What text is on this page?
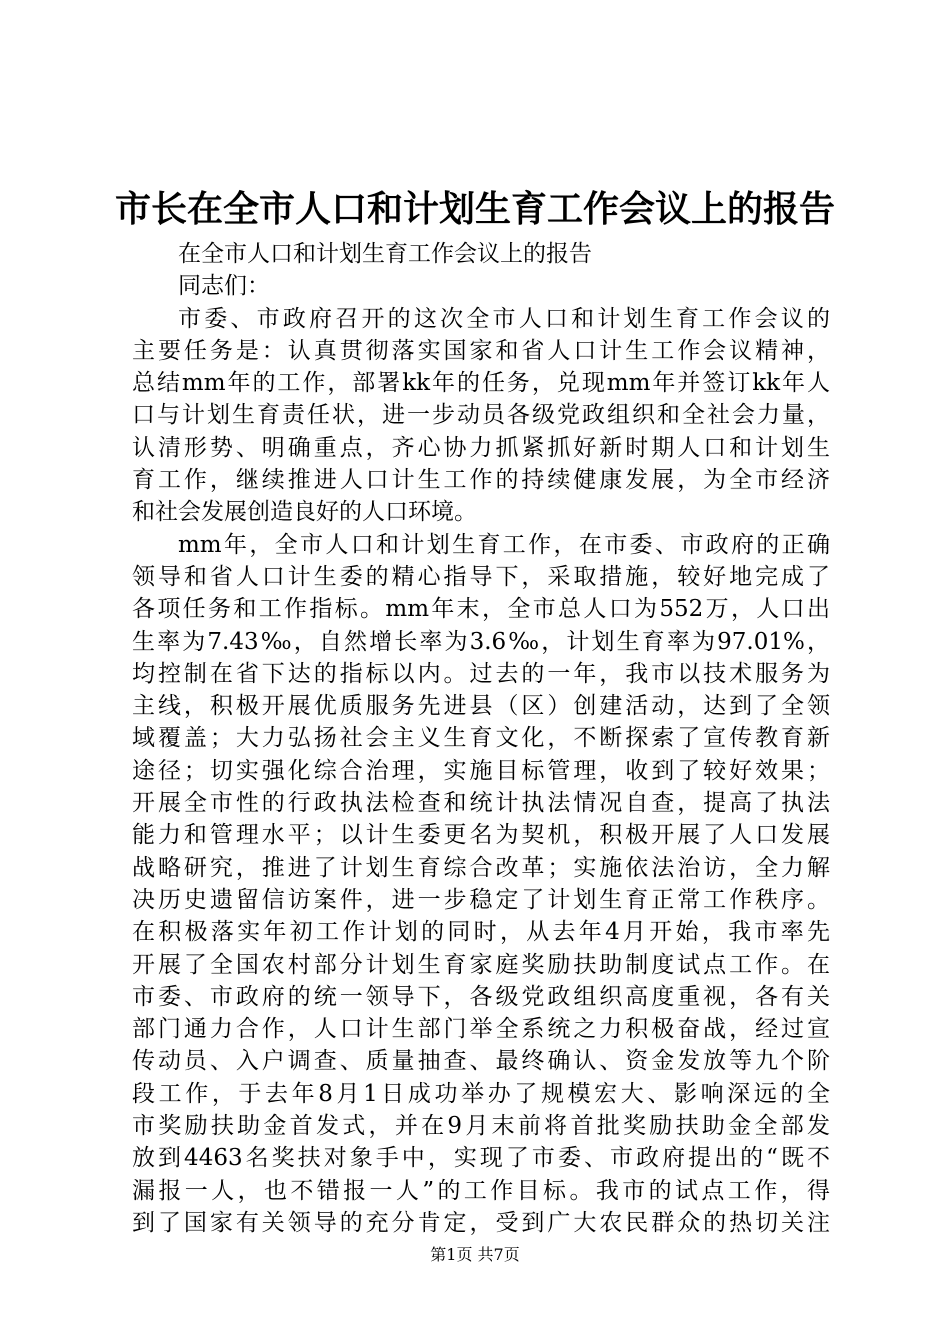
市长在全市人口和计划生育工作会议上的报告

在全市人口和计划生育工作会议上的报告

同志们：

市委、市政府召开的这次全市人口和计划生育工作会议的
主要任务是：认真贯彻落实国家和省人口计生工作会议精神，
总结mm年的工作，部署kk年的任务，兑现mm年并签订kk年人
口与计划生育责任状，进一步动员各级党政组织和全社会力量，
认清形势、明确重点，齐心协力抓紧抓好新时期人口和计划生
育工作，继续推进人口计生工作的持续健康发展，为全市经济
和社会发展创造良好的人口环境。
mm年，全市人口和计划生育工作，在市委、市政府的正确
领导和省人口计生委的精心指导下，采取措施，较好地完成了
各项任务和工作指标。mm年末，全市总人口为552万，人口出
生率为7.43‰，自然增长率为3.6‰，计划生育率为97.01%，
均控制在省下达的指标以内。过去的一年，我市以技术服务为
主线，积极开展优质服务先进县（区）创建活动，达到了全领
域覆盖；大力弘扬社会主义生育文化，不断探索了宣传教育新
途径；切实强化综合治理，实施目标管理，收到了较好效果；
开展全市性的行政执法检查和统计执法情况自查，提高了执法
能力和管理水平；以计生委更名为契机，积极开展了人口发展
战略研究，推进了计划生育综合改革；实施依法治访，全力解
决历史遗留信访案件，进一步稳定了计划生育正常工作秩序。
在积极落实年初工作计划的同时，从去年4月开始，我市率先
开展了全国农村部分计划生育家庭奖励扶助制度试点工作。在
市委、市政府的统一领导下，各级党政组织高度重视，各有关
部门通力合作，人口计生部门举全系统之力积极奋战，经过宣
传动员、入户调查、质量抽查、最终确认、资金发放等九个阶
段工作，于去年8月1日成功举办了规模宏大、影响深远的全
市奖励扶助金首发式，并在9月末前将首批奖励扶助金全部发
放到4463名奖扶对象手中，实现了市委、市政府提出的“既不
漏报一人，也不错报一人”的工作目标。我市的试点工作，得
到了国家有关领导的充分肯定，受到广大农民群众的热切关注
第1页 共7页
